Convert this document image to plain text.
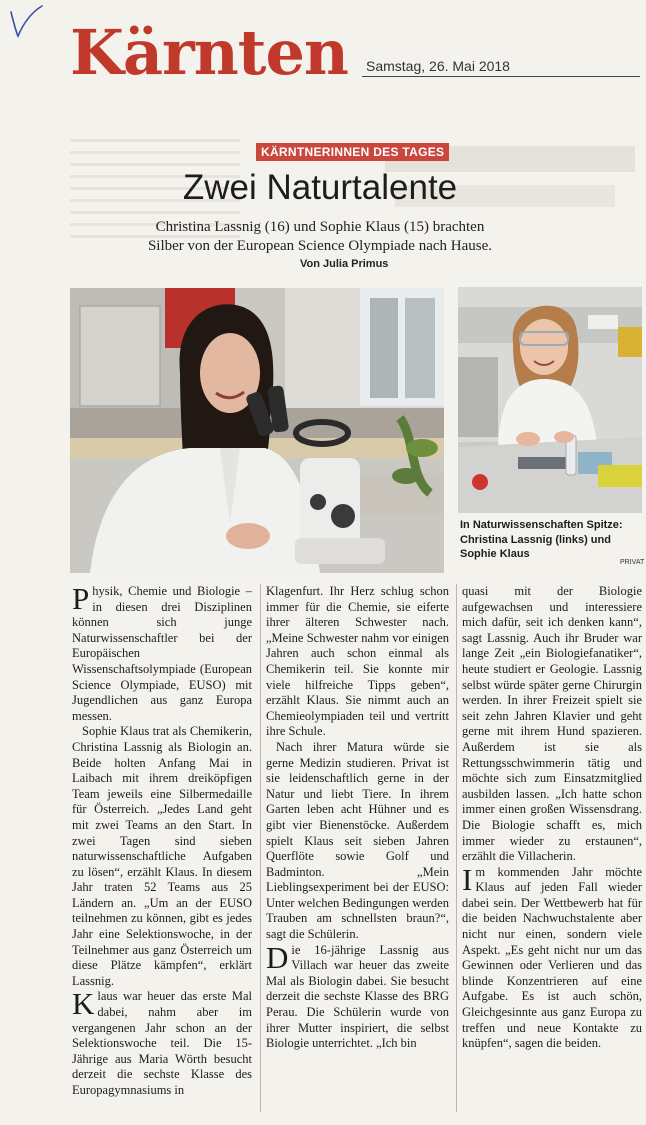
Kärnten Samstag, 26. Mai 2018
KÄRNTNERINNEN DES TAGES
Zwei Naturtalente
Christina Lassnig (16) und Sophie Klaus (15) brachten
Silber von der European Science Olympiade nach Hause.
Von Julia Primus
In Naturwissenschaften Spitze: Christina Lassnig (links) und Sophie Klaus
PRIVAT

Physik, Chemie und Biologie – in diesen drei Disziplinen können sich junge Naturwissenschaftler bei der Europäischen Wissenschaftsolympiade (European Science Olympiade, EUSO) mit Jugendlichen aus ganz Europa messen.

Sophie Klaus trat als Chemikerin, Christina Lassnig als Biologin an. Beide holten Anfang Mai in Laibach mit ihrem dreiköpfigen Team jeweils eine Silbermedaille für Österreich. „Jedes Land geht mit zwei Teams an den Start. In zwei Tagen sind sieben naturwissenschaftliche Aufgaben zu lösen“, erzählt Klaus. In diesem Jahr traten 52 Teams aus 25 Ländern an. „Um an der EUSO teilnehmen zu können, gibt es jedes Jahr eine Selektionswoche, in der Teilnehmer aus ganz Österreich um diese Plätze kämpfen“, erklärt Lassnig.

Klaus war heuer das erste Mal dabei, nahm aber im vergangenen Jahr schon an der Selektionswoche teil. Die 15-Jährige aus Maria Wörth besucht derzeit die sechste Klasse des Europagymnasiums in

Klagenfurt. Ihr Herz schlug schon immer für die Chemie, sie eiferte ihrer älteren Schwester nach. „Meine Schwester nahm vor einigen Jahren auch schon einmal als Chemikerin teil. Sie konnte mir viele hilfreiche Tipps geben“, erzählt Klaus. Sie nimmt auch an Chemieolympiaden teil und vertritt ihre Schule.

Nach ihrer Matura würde sie gerne Medizin studieren. Privat ist sie leidenschaftlich gerne in der Natur und liebt Tiere. In ihrem Garten leben acht Hühner und es gibt vier Bienenstöcke. Außerdem spielt Klaus seit sieben Jahren Querflöte sowie Golf und Badminton. „Mein Lieblingsexperiment bei der EUSO: Unter welchen Bedingungen werden Trauben am schnellsten braun?“, sagt die Schülerin.

Die 16-jährige Lassnig aus Villach war heuer das zweite Mal als Biologin dabei. Sie besucht derzeit die sechste Klasse des BRG Perau. Die Schülerin wurde von ihrer Mutter inspiriert, die selbst Biologie unterrichtet. „Ich bin

quasi mit der Biologie aufgewachsen und interessiere mich dafür, seit ich denken kann“, sagt Lassnig. Auch ihr Bruder war lange Zeit „ein Biologiefanatiker“, heute studiert er Geologie. Lassnig selbst würde später gerne Chirurgin werden. In ihrer Freizeit spielt sie seit zehn Jahren Klavier und geht gerne mit ihrem Hund spazieren. Außerdem ist sie als Rettungsschwimmerin tätig und möchte sich zum Einsatzmitglied ausbilden lassen. „Ich hatte schon immer einen großen Wissensdrang. Die Biologie schafft es, mich immer wieder zu erstaunen“, erzählt die Villacherin.

Im kommenden Jahr möchte Klaus auf jeden Fall wieder dabei sein. Der Wettbewerb hat für die beiden Nachwuchstalente aber nicht nur einen, sondern viele Aspekt. „Es geht nicht nur um das Gewinnen oder Verlieren und das blinde Konzentrieren auf eine Aufgabe. Es ist auch schön, Gleichgesinnte aus ganz Europa zu treffen und neue Kontakte zu knüpfen“, sagen die beiden.
